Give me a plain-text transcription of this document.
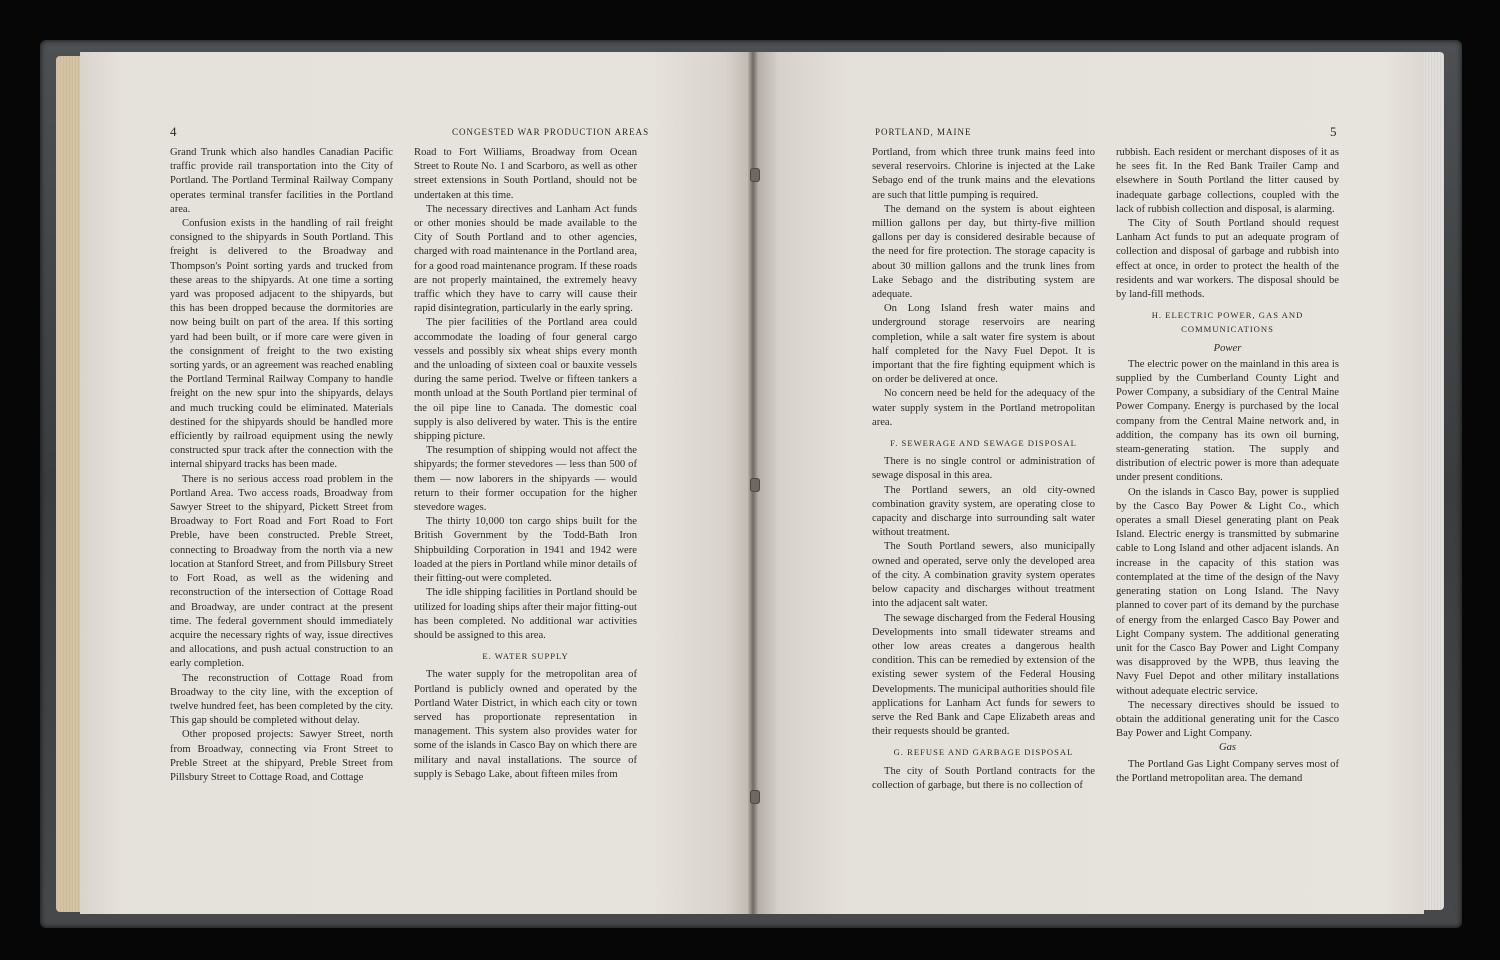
4	CONGESTED WAR PRODUCTION AREAS

Grand Trunk which also handles Canadian Pacific traffic provide rail transportation into the City of Portland. The Portland Terminal Railway Company operates terminal transfer facilities in the Portland area.

Confusion exists in the handling of rail freight consigned to the shipyards in South Portland. This freight is delivered to the Broadway and Thompson's Point sorting yards and trucked from these areas to the shipyards. At one time a sorting yard was proposed adjacent to the shipyards, but this has been dropped because the dormitories are now being built on part of the area. If this sorting yard had been built, or if more care were given in the consignment of freight to the two existing sorting yards, or an agreement was reached enabling the Portland Terminal Railway Company to handle freight on the new spur into the shipyards, delays and much trucking could be eliminated. Materials destined for the shipyards should be handled more efficiently by railroad equipment using the newly constructed spur track after the connection with the internal shipyard tracks has been made.

There is no serious access road problem in the Portland Area. Two access roads, Broadway from Sawyer Street to the shipyard, Pickett Street from Broadway to Fort Road and Fort Road to Fort Preble, have been constructed. Preble Street, connecting to Broadway from the north via a new location at Stanford Street, and from Pillsbury Street to Fort Road, as well as the widening and reconstruction of the intersection of Cottage Road and Broadway, are under contract at the present time. The federal government should immediately acquire the necessary rights of way, issue directives and allocations, and push actual construction to an early completion.

The reconstruction of Cottage Road from Broadway to the city line, with the exception of twelve hundred feet, has been completed by the city. This gap should be completed without delay.

Other proposed projects: Sawyer Street, north from Broadway, connecting via Front Street to Preble Street at the shipyard, Preble Street from Pillsbury Street to Cottage Road, and Cottage

Road to Fort Williams, Broadway from Ocean Street to Route No. 1 and Scarboro, as well as other street extensions in South Portland, should not be undertaken at this time.

The necessary directives and Lanham Act funds or other monies should be made available to the City of South Portland and to other agencies, charged with road maintenance in the Portland area, for a good road maintenance program. If these roads are not properly maintained, the extremely heavy traffic which they have to carry will cause their rapid disintegration, particularly in the early spring.

The pier facilities of the Portland area could accommodate the loading of four general cargo vessels and possibly six wheat ships every month and the unloading of sixteen coal or bauxite vessels during the same period. Twelve or fifteen tankers a month unload at the South Portland pier terminal of the oil pipe line to Canada. The domestic coal supply is also delivered by water. This is the entire shipping picture.

The resumption of shipping would not affect the shipyards; the former stevedores — less than 500 of them — now laborers in the shipyards — would return to their former occupation for the higher stevedore wages.

The thirty 10,000 ton cargo ships built for the British Government by the Todd-Bath Iron Shipbuilding Corporation in 1941 and 1942 were loaded at the piers in Portland while minor details of their fitting-out were completed.

The idle shipping facilities in Portland should be utilized for loading ships after their major fitting-out has been completed. No additional war activities should be assigned to this area.

E. WATER SUPPLY

The water supply for the metropolitan area of Portland is publicly owned and operated by the Portland Water District, in which each city or town served has proportionate representation in management. This system also provides water for some of the islands in Casco Bay on which there are military and naval installations. The source of supply is Sebago Lake, about fifteen miles from

PORTLAND, MAINE	5

Portland, from which three trunk mains feed into several reservoirs. Chlorine is injected at the Lake Sebago end of the trunk mains and the elevations are such that little pumping is required.

The demand on the system is about eighteen million gallons per day, but thirty-five million gallons per day is considered desirable because of the need for fire protection. The storage capacity is about 30 million gallons and the trunk lines from Lake Sebago and the distributing system are adequate.

On Long Island fresh water mains and underground storage reservoirs are nearing completion, while a salt water fire system is about half completed for the Navy Fuel Depot. It is important that the fire fighting equipment which is on order be delivered at once.

No concern need be held for the adequacy of the water supply system in the Portland metropolitan area.

F. SEWERAGE AND SEWAGE DISPOSAL

There is no single control or administration of sewage disposal in this area.

The Portland sewers, an old city-owned combination gravity system, are operating close to capacity and discharge into surrounding salt water without treatment.

The South Portland sewers, also municipally owned and operated, serve only the developed area of the city. A combination gravity system operates below capacity and discharges without treatment into the adjacent salt water.

The sewage discharged from the Federal Housing Developments into small tidewater streams and other low areas creates a dangerous health condition. This can be remedied by extension of the existing sewer system of the Federal Housing Developments. The municipal authorities should file applications for Lanham Act funds for sewers to serve the Red Bank and Cape Elizabeth areas and their requests should be granted.

G. REFUSE AND GARBAGE DISPOSAL

The city of South Portland contracts for the collection of garbage, but there is no collection of

rubbish. Each resident or merchant disposes of it as he sees fit. In the Red Bank Trailer Camp and elsewhere in South Portland the litter caused by inadequate garbage collections, coupled with the lack of rubbish collection and disposal, is alarming.

The City of South Portland should request Lanham Act funds to put an adequate program of collection and disposal of garbage and rubbish into effect at once, in order to protect the health of the residents and war workers. The disposal should be by land-fill methods.

H. ELECTRIC POWER, GAS AND COMMUNICATIONS
Power

The electric power on the mainland in this area is supplied by the Cumberland County Light and Power Company, a subsidiary of the Central Maine Power Company. Energy is purchased by the local company from the Central Maine network and, in addition, the company has its own oil burning, steam-generating station. The supply and distribution of electric power is more than adequate under present conditions.

On the islands in Casco Bay, power is supplied by the Casco Bay Power & Light Co., which operates a small Diesel generating plant on Peak Island. Electric energy is transmitted by submarine cable to Long Island and other adjacent islands. An increase in the capacity of this station was contemplated at the time of the design of the Navy generating station on Long Island. The Navy planned to cover part of its demand by the purchase of energy from the enlarged Casco Bay Power and Light Company system. The additional generating unit for the Casco Bay Power and Light Company was disapproved by the WPB, thus leaving the Navy Fuel Depot and other military installations without adequate electric service.

The necessary directives should be issued to obtain the additional generating unit for the Casco Bay Power and Light Company.

Gas

The Portland Gas Light Company serves most of the Portland metropolitan area. The demand
